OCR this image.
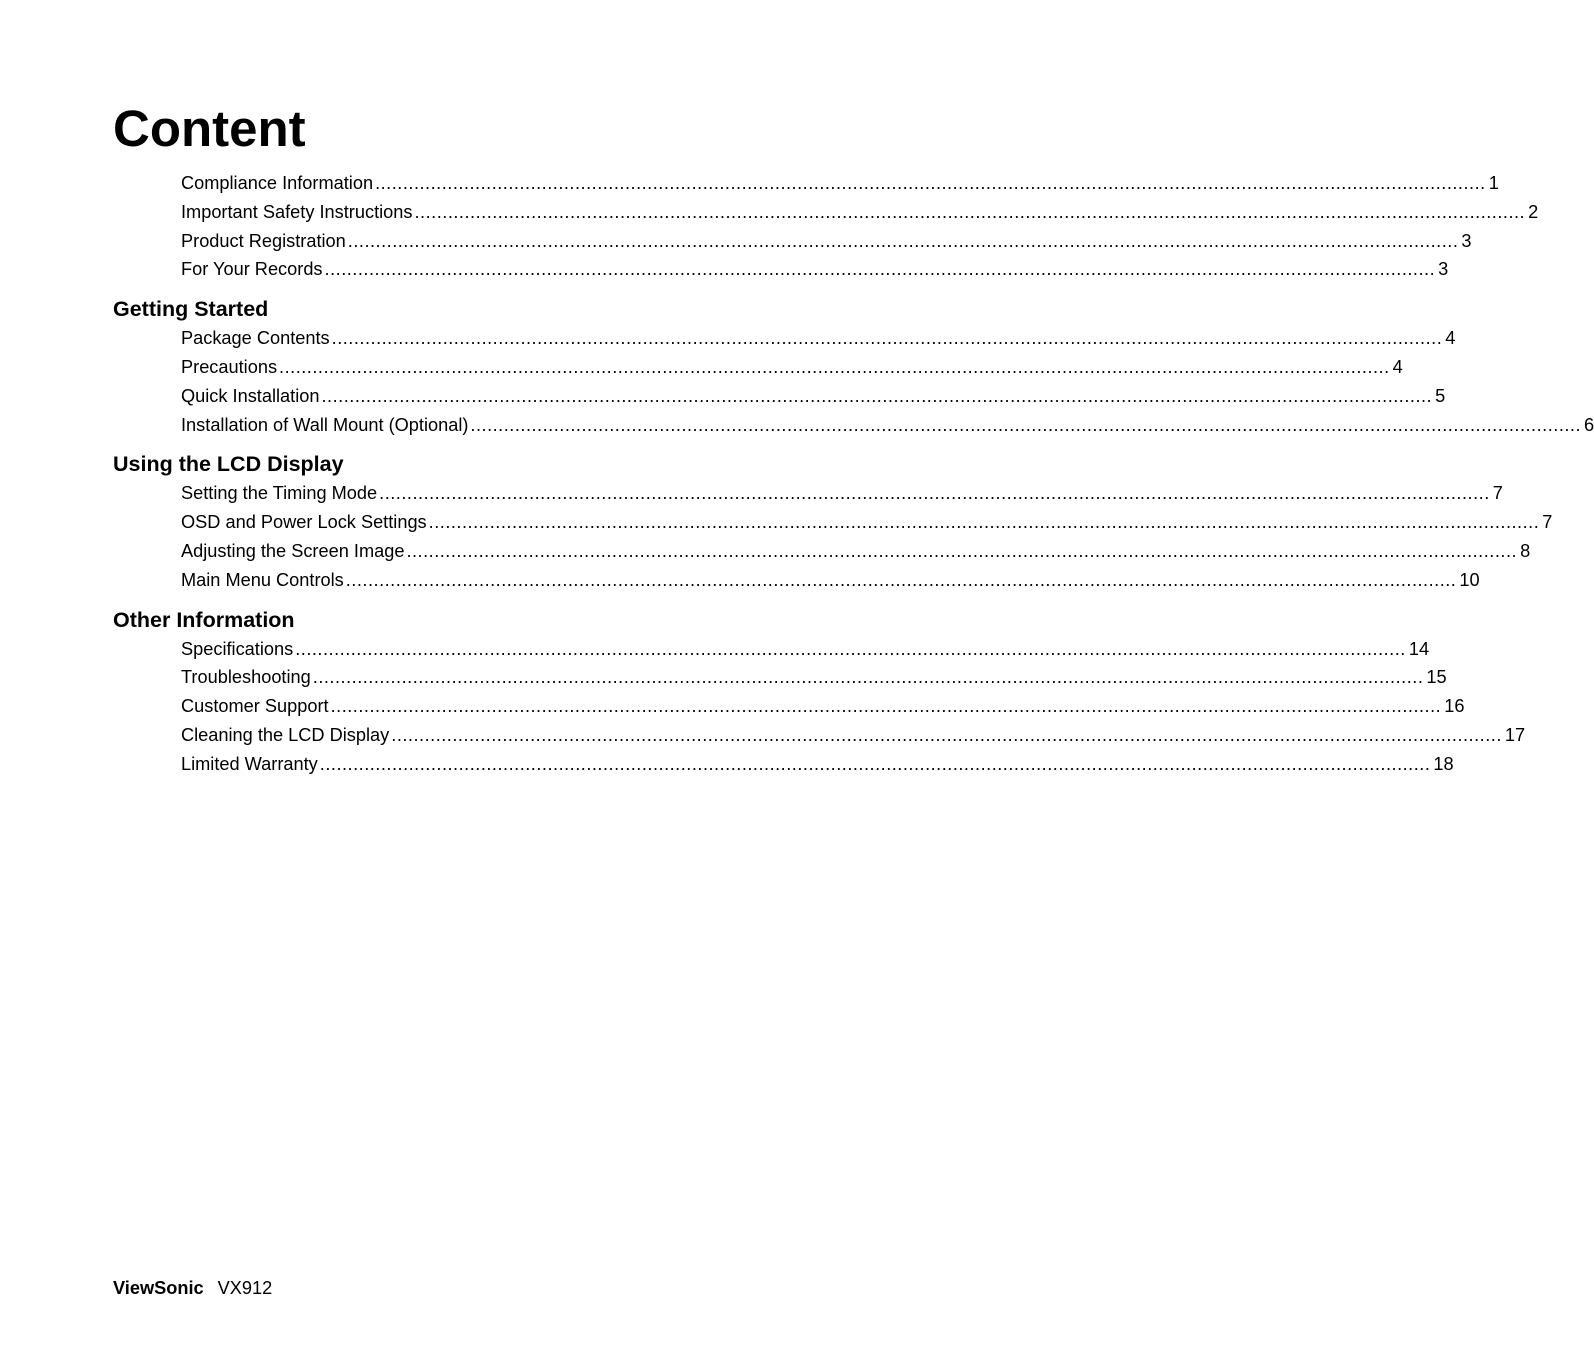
Content
Compliance Information ........................................................................................................................................................................................................ 1
Important Safety Instructions ........................................................................................................................................................................................................ 2
Product Registration ........................................................................................................................................................................................................ 3
For Your Records ........................................................................................................................................................................................................ 3
Getting Started
Package Contents ........................................................................................................................................................................................................ 4
Precautions ........................................................................................................................................................................................................ 4
Quick Installation ........................................................................................................................................................................................................ 5
Installation of Wall Mount (Optional) ........................................................................................................................................................................................................ 6
Using the LCD Display
Setting the Timing Mode ........................................................................................................................................................................................................ 7
OSD and Power Lock Settings ........................................................................................................................................................................................................ 7
Adjusting the Screen Image ........................................................................................................................................................................................................ 8
Main Menu Controls ........................................................................................................................................................................................................ 10
Other Information
Specifications ........................................................................................................................................................................................................ 14
Troubleshooting ........................................................................................................................................................................................................ 15
Customer Support ........................................................................................................................................................................................................ 16
Cleaning the LCD Display ........................................................................................................................................................................................................ 17
Limited Warranty ........................................................................................................................................................................................................ 18
ViewSonic VX912
